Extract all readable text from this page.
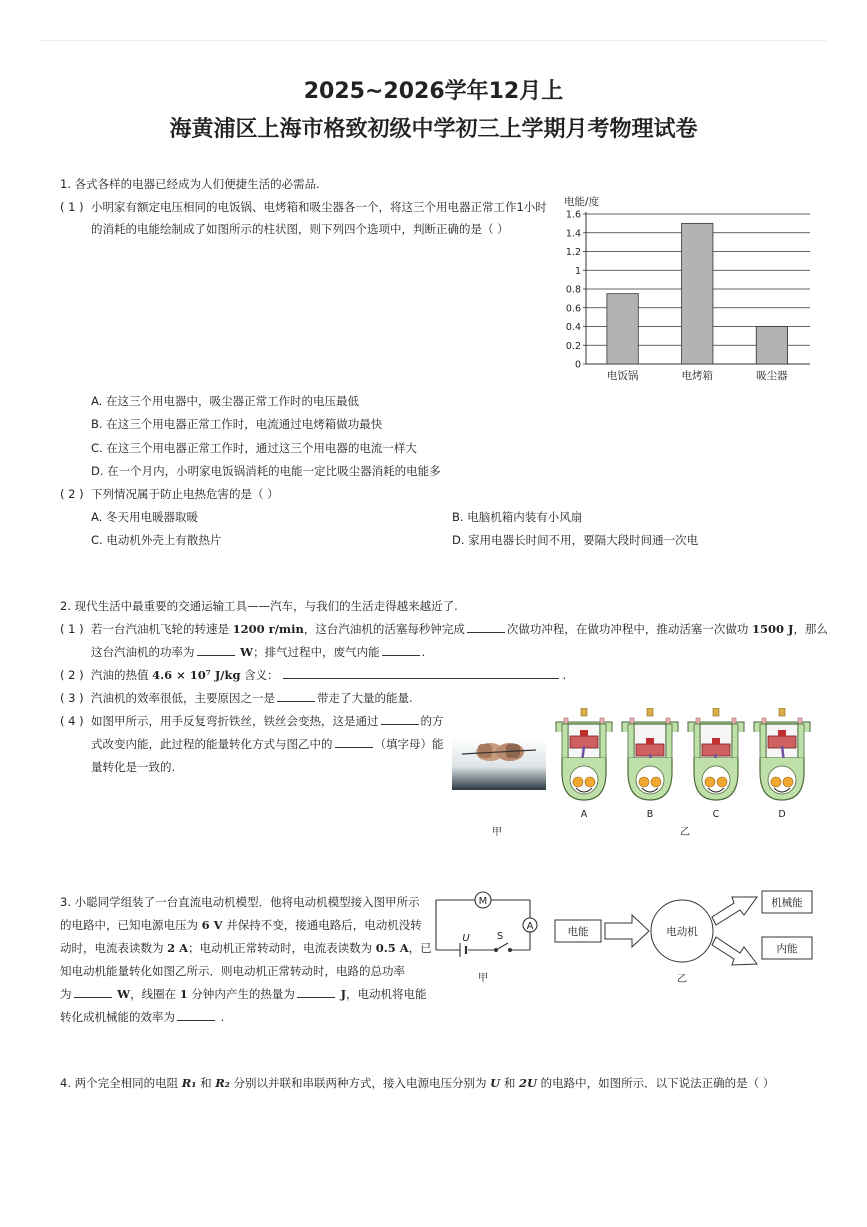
2025~2026学年12月上
海黄浦区上海市格致初级中学初三上学期月考物理试卷
1. 各式各样的电器已经成为人们便捷生活的必需品.
( 1 ) 小明家有额定电压相同的电饭锅、电烤箱和吸尘器各一个，将这三个用电器正常工作1小时
的消耗的电能绘制成了如图所示的柱状图，则下列四个选项中，判断正确的是（ ）
电能/度
0
0.2
0.4
0.6
0.8
1
1.2
1.4
1.6
电饭锅	电烤箱	吸尘器
A. 在这三个用电器中，吸尘器正常工作时的电压最低
B. 在这三个用电器正常工作时，电流通过电烤箱做功最快
C. 在这三个用电器正常工作时，通过这三个用电器的电流一样大
D. 在一个月内，小明家电饭锅消耗的电能一定比吸尘器消耗的电能多
( 2 ) 下列情况属于防止电热危害的是（ ）
A. 冬天用电暖器取暖	B. 电脑机箱内装有小风扇
C. 电动机外壳上有散热片	D. 家用电器长时间不用，要隔大段时间通一次电
2. 现代生活中最重要的交通运输工具——汽车，与我们的生活走得越来越近了.
( 1 ) 若一台汽油机飞轮的转速是 1200 r/min，这台汽油机的活塞每秒钟完成	次做功冲程，在做功冲程中，推动活塞一次做功 1500 J，那么
这台汽油机的功率为	W；排气过程中，废气内能	.
( 2 ) 汽油的热值 4.6 × 10⁷ J/kg 含义：	.
( 3 ) 汽油机的效率很低，主要原因之一是	带走了大量的能量.
( 4 ) 如图甲所示，用手反复弯折铁丝，铁丝会变热，这是通过	的方
式改变内能，此过程的能量转化方式与图乙中的	（填字母）能
量转化是一致的.
甲
A	B	C	D
乙
3. 小聪同学组装了一台直流电动机模型．他将电动机模型接入图甲所示
的电路中，已知电源电压为 6 V 并保持不变，接通电路后，电动机没转
动时，电流表读数为 2 A；电动机正常转动时，电流表读数为 0.5 A，已
知电动机能量转化如图乙所示．则电动机正常转动时，电路的总功率
为	W，线圈在 1 分钟内产生的热量为	J，电动机将电能
转化成机械能的效率为	.
M
A
U	S
甲
电能	电动机
机械能
内能
乙
4. 两个完全相同的电阻 R₁ 和 R₂ 分别以并联和串联两种方式，接入电源电压分别为 U 和 2U 的电路中，如图所示．以下说法正确的是（ ）
